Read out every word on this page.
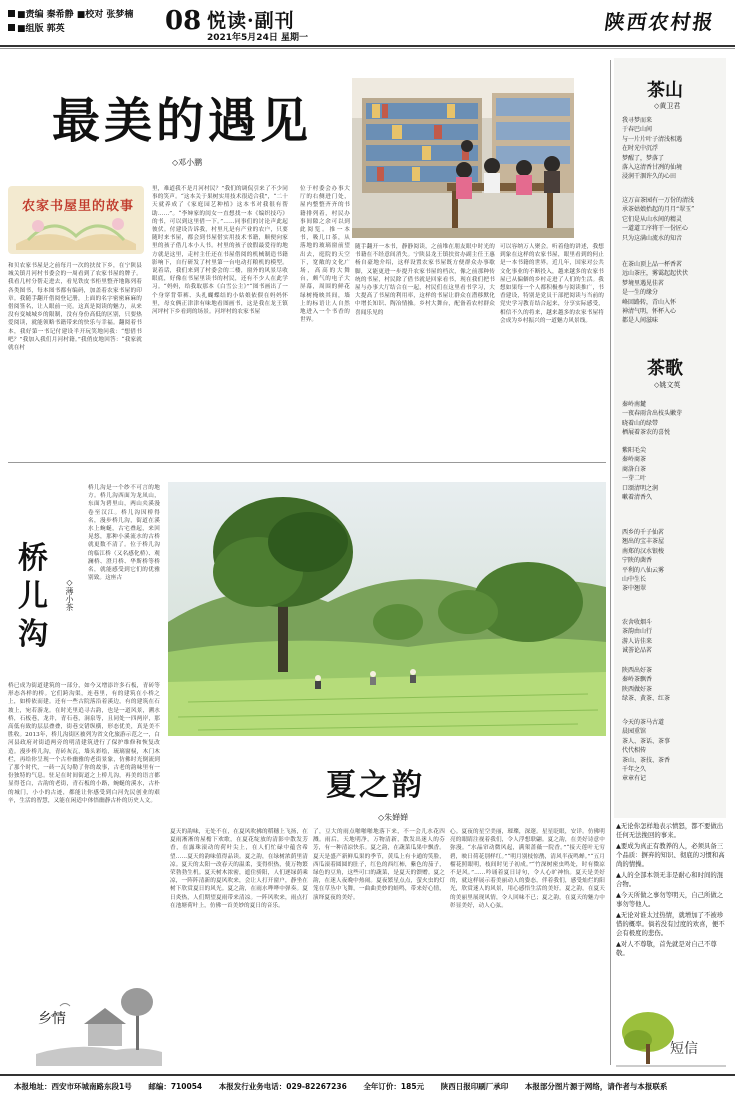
■责编 秦希静 ■校对 张梦楠
■组版 郭英	08 悦读·副刊
2021年5月24日 星期一
陕西农村报
最美的遇见
◇邓小鹏
农家书屋里的故事
和贝农家书屋是之前每月一次的扶贫下乡，在宁陕县城关镇月河村书委会的一周看到了农家书屋的牌子。我看几村分帮走进去，看见铁皮书柜里整齐地陈列着各类图书，每本图书都有编码，加盖着农家书屋的印章。我随手翻开借阅登记册，上面的名字密密麻麻的借阅签名，让人眼前一亮。这真是阅读的魅力，从来没有变城城乡的限制，没有身份高低的区别，只要热爱阅读，就能领略书籍带来的快乐与幸福。翻阅着书本，我好第一书记付建设半开玩笑地问我：“想借书吧？”我加入我们月河村籍。”我俏皮地回答：“我家就就在村
里，难道我不是月河村民？”我们的调侃引来了不少同事的笑声。“这本关于果树实用技术很适合我”，“二十天就养成了《家庭园艺种植》这本书对我很有帮助……”。“李婶家的闺女一直想找一本《编织技巧》的书，可以到这里借一下。”……同事们的讨论声此起彼伏。付建设告诉我，村里凡是有产业的农户，只要随时来书屋，都会到书屋借实用技术书籍，顺便向家里的孩子借几本小人书。村里的孩子放假最爱待的地方就是这里，走村主任还在书屋借阅的机械制造书籍影响下，自行研发了村里第一台电动打粮机的模型。说着话，我们来到了村委会的二楼，窗外的风景尽收眼底，好像在书屋里读书的村民，还有不少人在此学习。“妈妈，给我取那本《白雪公主》”“图书画出了一个身穿背带裤、头扎蝴蝶结的小姑娘依偎在妈妈怀里，母女俩正津津有味地看图画书，这是我在龙王镇河坪村下乡看到的场景。河坪村的农家书屋
位于村委会办事大厅的右侧进门处，屋内整整齐齐的书籍排列着，村民办事间隙之余可以到此阅览。推一本书，吸几口茶，从落地的玻璃窗前望出去，庭院的天空下，宽敞的文化广场，高高的大舞台，颇气的电子大屏幕，周围的鲜花绿树掩映其间，墙上的标语让人自然地进入一个书香的世界。
随手翻开一本书，静静阅读，之前堆在朋友眼中时光的书籍在不经意间消失。宁陕县龙王镇扶贫办副主任王惠杨自豪地介绍，这样设置农家书屋既方便群众办事歇脚，又能更进一步提升农家书屋的档次，像之前那种传统的书屋，村民除了借书就是回家看书，现在我们把书屋与办事大厅结合在一起，村民们在这里看书学习，大大提高了书屋的利用率，这样的书屋让群众在潜移默化中增长知识、陶冶情操。乡村大舞台，配备着农村群众喜闻乐见的
可以容纳万人聚会。听着他的讲述，我想到象在这样的农家书屋，眼里看到的何止是一本书籍的世界。近几年，国家对公共文化事业的不断投入，越来越多的农家书屋已从偏僻的乡村走进了人们的生活。我想如果每一个人都积极参与阅读推广，书香建设，特别是党员干部把阅读与当前的党史学习教育结合起来，分享实际感受，相信不久的将来，越来越多的农家书屋将会成为乡村振兴的一道魅力风景线。
桥儿沟
◇薄小茶
桥儿沟是一个纱不可言的地方。桥儿沟西面为龙凤山，东面为碧里山，两山夹溪漫卷至汉江。桥儿沟因桥得名，漫步桥儿沟，街道在溪水上蜿蜒，古宅叠起，来回晃悠，那种小溪流水的古桥就更数不清了。位于桥儿沟的临江桥（又名感化桥）、观澜桥、澄月桥、华斯桥等桥名，就能感受到它们的优雅别致。这座古
桥已成为街道建筑的一部分，如今又增添许多石板，青砖等形态各样的桥。它们跨沟渠，连巷里，有的建筑在小桥之上，如桥依而建。还有一些古院落沿着溪边，有的建筑在石坡上，宛若游龙。在时光里追寻古韵，也是一道风景，溯水桥，石板巷，龙井，青石巷，洞泉等，且同处一四两岸，那高低有致的层层叠叠，街巷交错纵横，形态优美，真是美不胜收。2013年，桥儿沟街区被列为省文化旅游示范之一，白河县政府对街道两旁的明清建筑进行了保护维修和恢复改造。漫步桥儿沟，青砖灰瓦，墙头彩绘，琉璃窗棂，木门木栏，再给你呈现一个古朴幽雅的老街景象，仿佛时光倒流到了那个时代，一砖一瓦勾勒了你的故事，古老的韵味里有一份独特的气息。驻足在时间街道之上桥儿沟，再美的语言都显得苍白，古韵的老街，青石板的小路，蜿蜒的溪水，古朴的城门，小小的古迹，都能让你感受到白河先民创业的艰辛，生活的智慧，又能在闲适中体悟幽静古朴的历史人文。	夏之韵
◇朱婵婵
夏天的韵味，无处不在，在夏风吹拂的稻穗上飞扬，在夏雨淅淅的屋檐下欢歌，在夏花绽放的清影中散发芳香，在露珠滚动的荷叶尖上，在人们忙碌中蕴含希望……夏天的韵味值得品读。夏之韵，在绿树浓荫里清凉。夏天的太阳一改春天的温柔，变得炽热，使万物繁荣勃勃生机。夏天树木浓密，遮住骄阳，人们逐绿荫乘凉，一阵阵清新的夏风吹来，会让人打开窗户，静坐在树下欣赏夏日的风光。夏之韵，在雨水哗哗中弹奏。夏日炎热，人们期望夏雨带来清凉。一阵风吹来，雨点打在池塘荷叶上，仿佛一首美妙的夏日的音乐。
了，豆大的雨点啪啪啪地落下来，不一会儿水花四溅。雨后，天地明净，万物清新，散发出迷人的芬芳，有一种清凉快乐。夏之韵，在蔬菜瓜果中飘香。夏天是盛产新鲜瓜果的季节，黄瓜上有卡通的笑脸，西瓜滚着圆圆的肚子，红色的西红柿，紫色的茄子，绿色的豆角，这些可口的蔬菜，是夏天的馈赠。夏之韵，在迷人夜晚中热闹。夏夜繁星点点，萤火虫的灯笼在草丛中飞舞，一曲曲美妙的蛙鸣，带来好心情，演绎夏夜的美好。
心。夏夜的星空美丽，璀璨，深邃。星星眨眼，安详。仿佛明亮的眼睛注视着我们，令人浮想联翩。夏之韵，在美好诗意中弥漫。“水晶帘动微风起，满架蔷薇一院香。”“接天莲叶无穷碧，映日荷花别样红。”“明月别枝惊鹊，清风半夜鸣蝉。”“五月榴花照眼明，枝间时见子初成。”“竹深树密虫鸣处，时有微凉不是风。”……吟诵着夏日诗句，令人心旷神怡。夏天是美好的，就这样展示着美丽动人的姿态，伴着我们，感受灿烂的阳光，欣赏迷人的风景，用心感悟生活的美好。夏之韵，在夏天的美丽里展现风情，令人回味不已；夏之韵，在夏天的魅力中彰显美好，动人心弦。
乡情
茶山
◇黄卫君
我寻梦而来
于春巴山间
与一片片叶子清浅相遇
在时光中沉浮
梦醒了，梦落了
落入这清香甘冽的仙境
浸润干涸许久的心田
这万亩茶园有一万份的清浅
承茶姑娘抬起的月月“翠玉”
它们是从山水间的精灵
一道道工序将干一份匠心
只为这满山流水的知音
在茶山顶上品一杯香茗
远山茶庄，雾霭起起伏伏
梦境里遇见佳茗
是一生的缘分
峰回路转，青山入怀
神清气明，怀杯入心
都是人间滋味
茶歌
◇姚文英
秦岭南麓
一夜春雨含出枝头嫩芽
晓着山的绿带
栖展着茶农的喜悦
紫阳毛尖
秦岭商茶
商洛白茶
一芽二叶
口颂清明之润
嗽着清香久
西乡的千子仙茗
翘出的宝丰茶屋
南郑的汉水银梭
宁陕的菌香
平利的八仙云雾
山中生长
茶中翘翠
农舍收烟斗
茶韵由山行
游人访佳来
诚荟论品茗
陕西出好茶
秦岭茶飘香
陕西做好茶
绿茶、黄茶、红茶
今天的茶马古道
晨园重馆
茶人、茶话、茶事
代代相传
茶山、茶技、茶香
千年之久
章章有记
▲无论你怎样地表示愤怒，都不要做出任何无法挽回的事来。
▲要成为真正有教养的人，必须具备三个品质：摒弃的知识、彻底的习惯和高尚的情操。
▲人的全部本领无非是耐心和时间的混合物。
▲今天所做之事勿等明天，自己所做之事勿等他人。
▲无论对谁太过热情，就增加了不被珍惜的概率。倘若没有过度的欢喜，便不会有极度的悲伤。
▲对人不尊敬，首先就是对自己不尊敬。
短信
本报地址：西安市环城南路东段1号 邮编：710054 本报发行业务电话：029-82267236 全年订价：185元 陕西日报印刷厂承印 本报部分图片源于网络，请作者与本报联系
